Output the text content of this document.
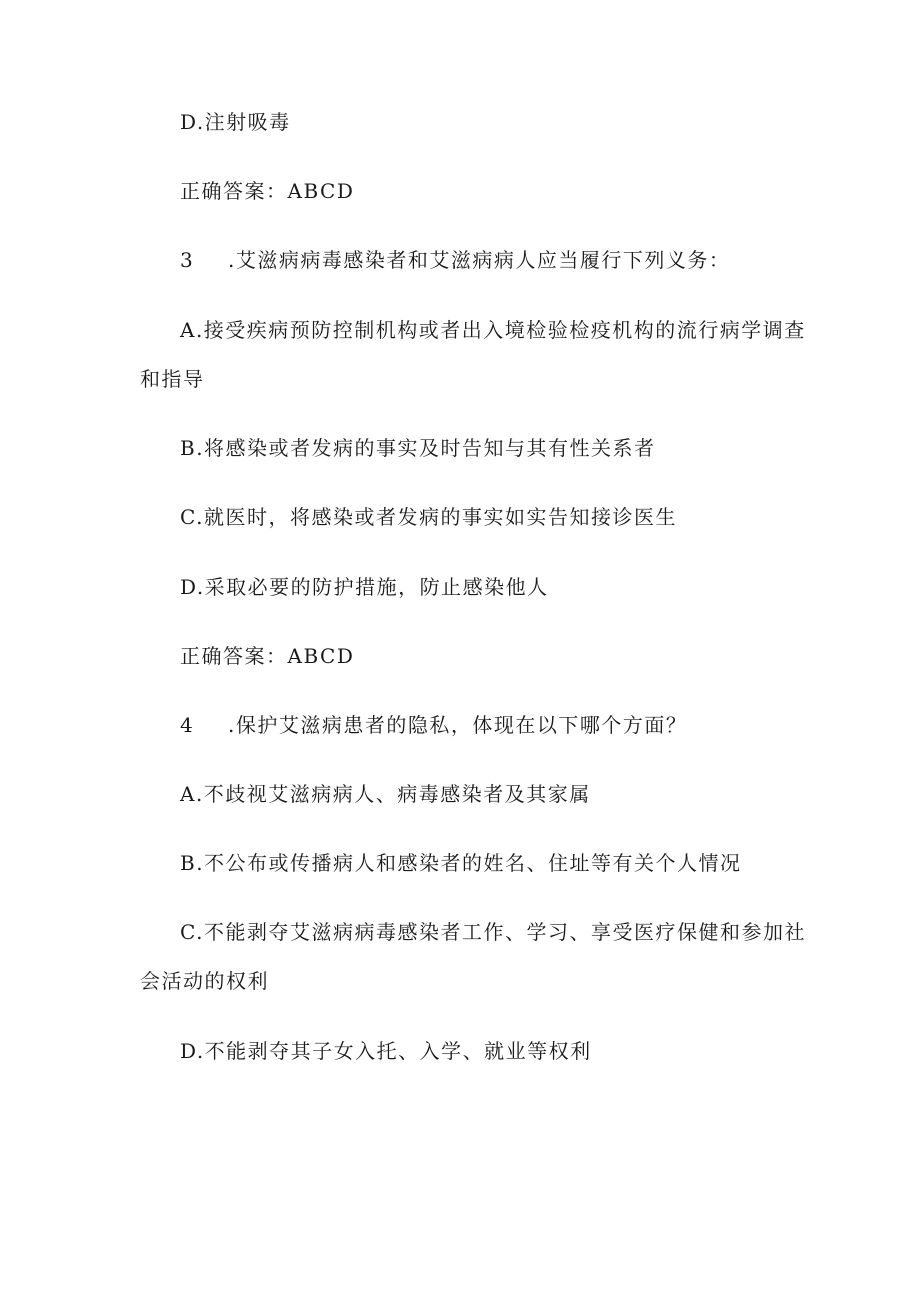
D.注射吸毒
正确答案：ABCD
3 .艾滋病病毒感染者和艾滋病病人应当履行下列义务：
A.接受疾病预防控制机构或者出入境检验检疫机构的流行病学调查
和指导
B.将感染或者发病的事实及时告知与其有性关系者
C.就医时，将感染或者发病的事实如实告知接诊医生
D.采取必要的防护措施，防止感染他人
正确答案：ABCD
4 .保护艾滋病患者的隐私，体现在以下哪个方面？
A.不歧视艾滋病病人、病毒感染者及其家属
B.不公布或传播病人和感染者的姓名、住址等有关个人情况
C.不能剥夺艾滋病病毒感染者工作、学习、享受医疗保健和参加社
会活动的权利
D.不能剥夺其子女入托、入学、就业等权利
